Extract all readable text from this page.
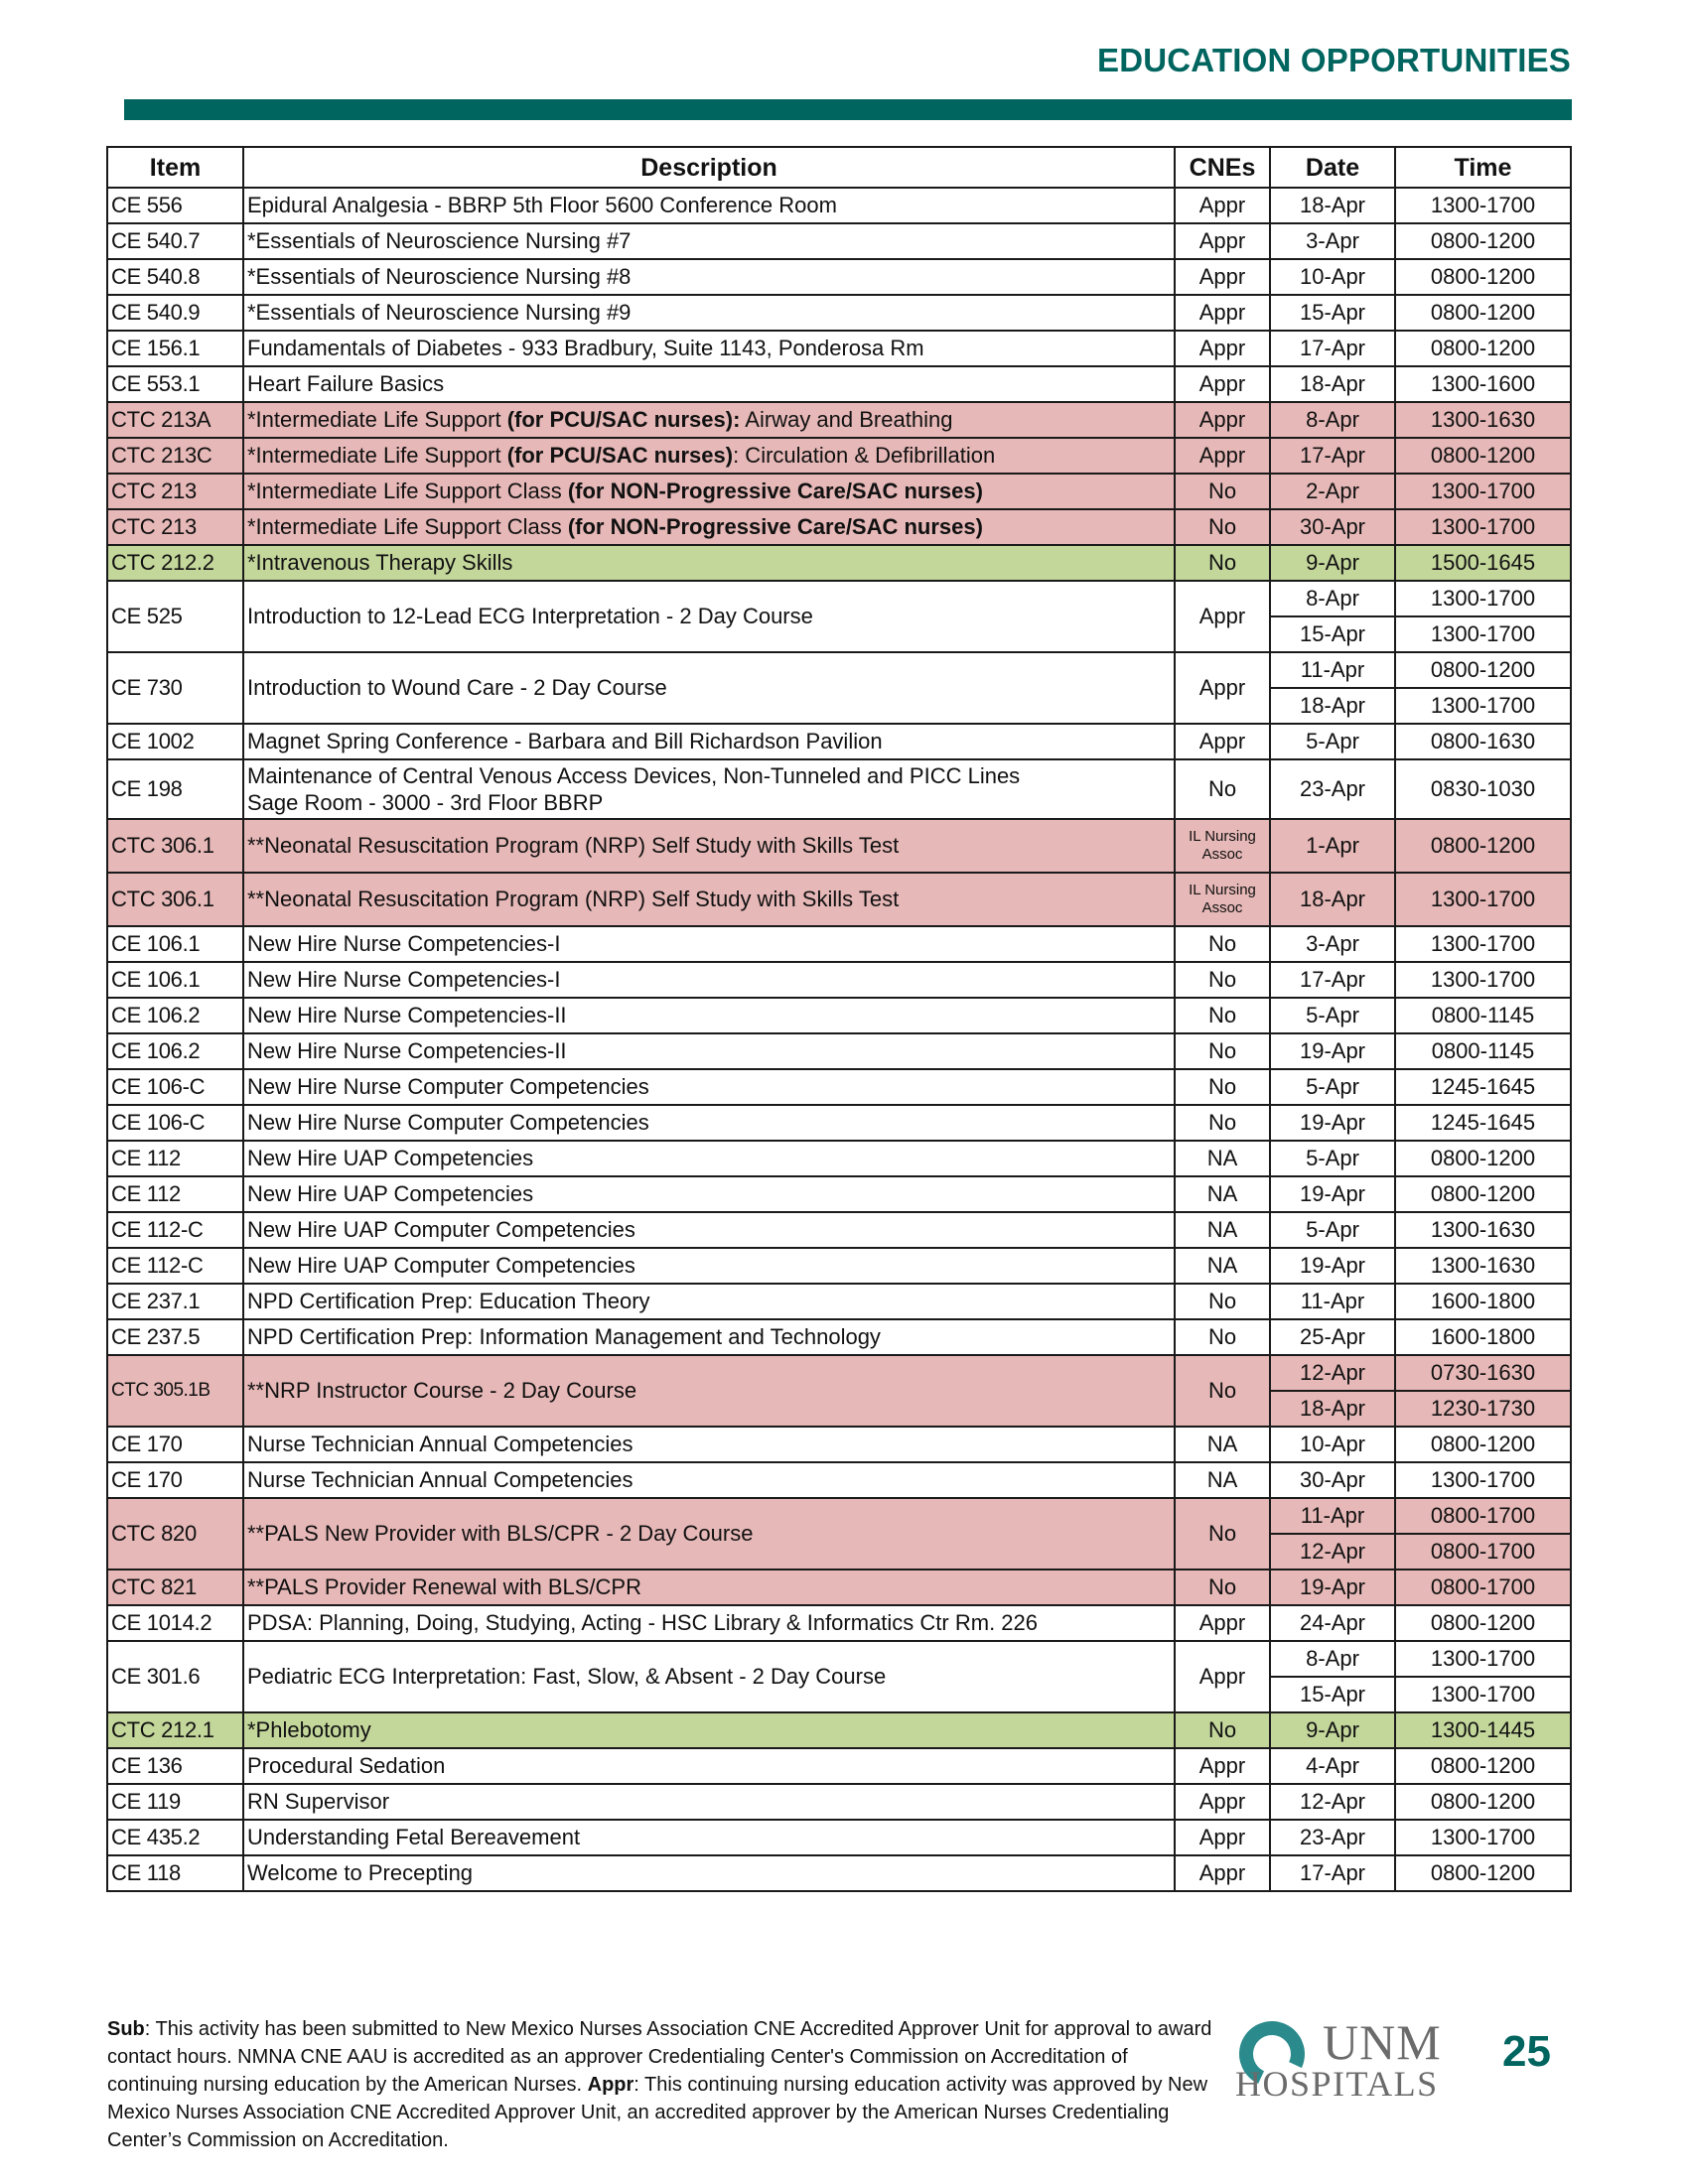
EDUCATION OPPORTUNITIES
Item	Description	CNEs	Date	Time
CE 556	Epidural Analgesia - BBRP 5th Floor 5600 Conference Room	Appr	18-Apr	1300-1700
CE 540.7	*Essentials of Neuroscience Nursing #7	Appr	3-Apr	0800-1200
CE 540.8	*Essentials of Neuroscience Nursing #8	Appr	10-Apr	0800-1200
CE 540.9	*Essentials of Neuroscience Nursing #9	Appr	15-Apr	0800-1200
CE 156.1	Fundamentals of Diabetes - 933 Bradbury, Suite 1143, Ponderosa Rm	Appr	17-Apr	0800-1200
CE 553.1	Heart Failure Basics	Appr	18-Apr	1300-1600
CTC 213A	*Intermediate Life Support (for PCU/SAC nurses): Airway and Breathing	Appr	8-Apr	1300-1630
CTC 213C	*Intermediate Life Support (for PCU/SAC nurses): Circulation & Defibrillation	Appr	17-Apr	0800-1200
CTC 213	*Intermediate Life Support Class (for NON-Progressive Care/SAC nurses)	No	2-Apr	1300-1700
CTC 213	*Intermediate Life Support Class (for NON-Progressive Care/SAC nurses)	No	30-Apr	1300-1700
CTC 212.2	*Intravenous Therapy Skills	No	9-Apr	1500-1645
CE 525	Introduction to 12-Lead ECG Interpretation - 2 Day Course	Appr	8-Apr	1300-1700
			15-Apr	1300-1700
CE 730	Introduction to Wound Care - 2 Day Course	Appr	11-Apr	0800-1200
			18-Apr	1300-1700
CE 1002	Magnet Spring Conference - Barbara and Bill Richardson Pavilion	Appr	5-Apr	0800-1630
CE 198	Maintenance of Central Venous Access Devices, Non-Tunneled and PICC Lines
Sage Room - 3000 - 3rd Floor BBRP	No	23-Apr	0830-1030
CTC 306.1	**Neonatal Resuscitation Program (NRP) Self Study with Skills Test	IL Nursing
Assoc	1-Apr	0800-1200
CTC 306.1	**Neonatal Resuscitation Program (NRP) Self Study with Skills Test	IL Nursing
Assoc	18-Apr	1300-1700
CE 106.1	New Hire Nurse Competencies-I	No	3-Apr	1300-1700
CE 106.1	New Hire Nurse Competencies-I	No	17-Apr	1300-1700
CE 106.2	New Hire Nurse Competencies-II	No	5-Apr	0800-1145
CE 106.2	New Hire Nurse Competencies-II	No	19-Apr	0800-1145
CE 106-C	New Hire Nurse Computer Competencies	No	5-Apr	1245-1645
CE 106-C	New Hire Nurse Computer Competencies	No	19-Apr	1245-1645
CE 112	New Hire UAP Competencies	NA	5-Apr	0800-1200
CE 112	New Hire UAP Competencies	NA	19-Apr	0800-1200
CE 112-C	New Hire UAP Computer Competencies	NA	5-Apr	1300-1630
CE 112-C	New Hire UAP Computer Competencies	NA	19-Apr	1300-1630
CE 237.1	NPD Certification Prep: Education Theory	No	11-Apr	1600-1800
CE 237.5	NPD Certification Prep: Information Management and Technology	No	25-Apr	1600-1800
CTC 305.1B	**NRP Instructor Course - 2 Day Course	No	12-Apr	0730-1630
			18-Apr	1230-1730
CE 170	Nurse Technician Annual Competencies	NA	10-Apr	0800-1200
CE 170	Nurse Technician Annual Competencies	NA	30-Apr	1300-1700
CTC 820	**PALS New Provider with BLS/CPR - 2 Day Course	No	11-Apr	0800-1700
			12-Apr	0800-1700
CTC 821	**PALS Provider Renewal with BLS/CPR	No	19-Apr	0800-1700
CE 1014.2	PDSA: Planning, Doing, Studying, Acting - HSC Library & Informatics Ctr Rm. 226	Appr	24-Apr	0800-1200
CE 301.6	Pediatric ECG Interpretation: Fast, Slow, & Absent - 2 Day Course	Appr	8-Apr	1300-1700
			15-Apr	1300-1700
CTC 212.1	*Phlebotomy	No	9-Apr	1300-1445
CE 136	Procedural Sedation	Appr	4-Apr	0800-1200
CE 119	RN Supervisor	Appr	12-Apr	0800-1200
CE 435.2	Understanding Fetal Bereavement	Appr	23-Apr	1300-1700
CE 118	Welcome to Precepting	Appr	17-Apr	0800-1200
Sub: This activity has been submitted to New Mexico Nurses Association CNE Accredited Approver Unit for approval to award contact hours. NMNA CNE AAU is accredited as an approver Credentialing Center's Commission on Accreditation of continuing nursing education by the American Nurses. Appr: This continuing nursing education activity was approved by New Mexico Nurses Association CNE Accredited Approver Unit, an accredited approver by the American Nurses Credentialing Center’s Commission on Accreditation.
UNM
HOSPITALS
25
